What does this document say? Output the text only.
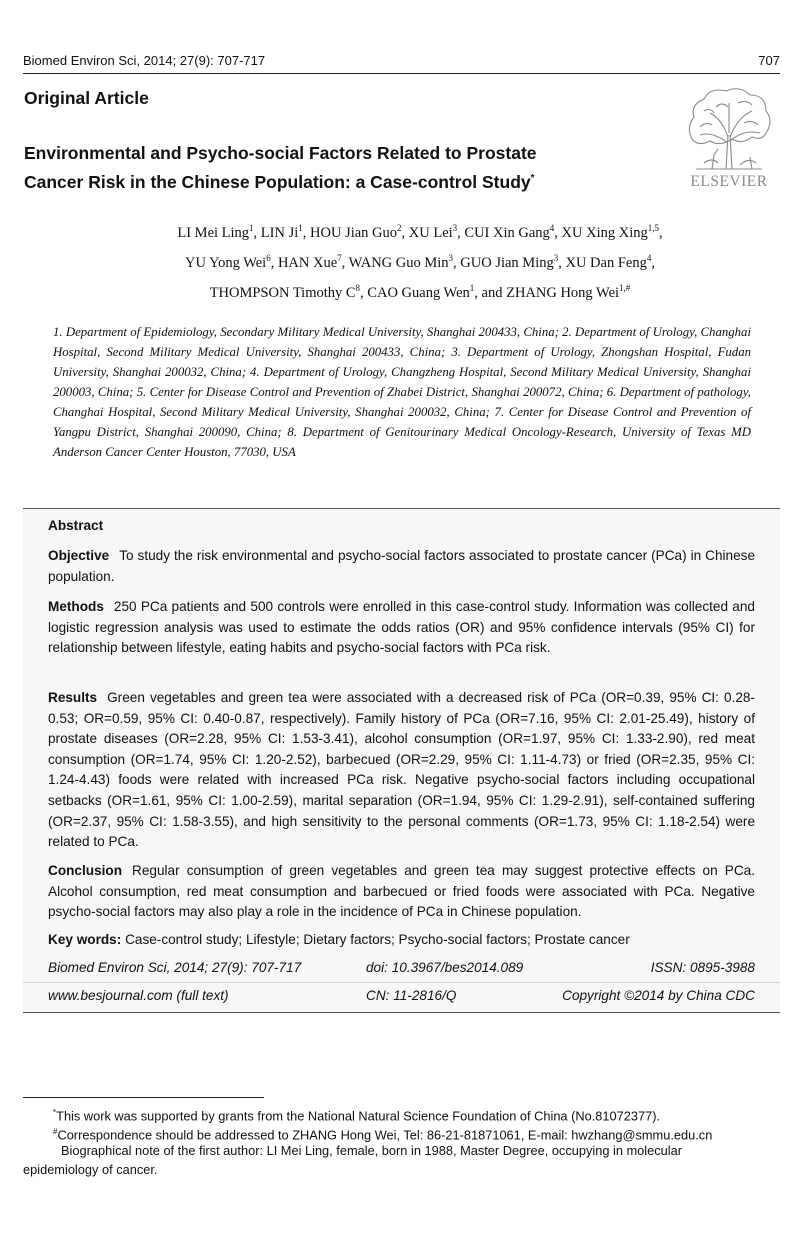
Biomed Environ Sci, 2014; 27(9): 707-717	707
Original Article
ELSEVIER
Environmental and Psycho-social Factors Related to Prostate
Cancer Risk in the Chinese Population: a Case-control Study*
LI Mei Ling$^1$, LIN Ji$^1$, HOU Jian Guo$^2$, XU Lei$^3$, CUI Xin Gang$^4$, XU Xing Xing$^{1,5}$,
YU Yong Wei$^6$, HAN Xue$^7$, WANG Guo Min$^3$, GUO Jian Ming$^3$, XU Dan Feng$^4$,
THOMPSON Timothy $C^8$, CAO Guang Wen$^1$, and ZHANG Hong Wei$^{1,\#}$
1. Department of Epidemiology, Secondary Military Medical University, Shanghai 200433, China; 2. Department of Urology, Changhai Hospital, Second Military Medical University, Shanghai 200433, China; 3. Department of Urology, Zhongshan Hospital, Fudan University, Shanghai 200032, China; 4. Department of Urology, Changzheng Hospital, Second Military Medical University, Shanghai 200003, China; 5. Center for Disease Control and Prevention of Zhabei District, Shanghai 200072, China; 6. Department of pathology, Changhai Hospital, Second Military Medical University, Shanghai 200032, China; 7. Center for Disease Control and Prevention of Yangpu District, Shanghai 200090, China; 8. Department of Genitourinary Medical Oncology-Research, University of Texas MD Anderson Cancer Center Houston, 77030, USA
Abstract
Objective To study the risk environmental and psycho-social factors associated to prostate cancer (PCa) in Chinese population.
Methods 250 PCa patients and 500 controls were enrolled in this case-control study. Information was collected and logistic regression analysis was used to estimate the odds ratios (OR) and 95% confidence intervals (95% CI) for relationship between lifestyle, eating habits and psycho-social factors with PCa risk.
Results Green vegetables and green tea were associated with a decreased risk of PCa (OR=0.39, 95% CI: 0.28-0.53; OR=0.59, 95% CI: 0.40-0.87, respectively). Family history of PCa (OR=7.16, 95% CI: 2.01-25.49), history of prostate diseases (OR=2.28, 95% CI: 1.53-3.41), alcohol consumption (OR=1.97, 95% CI: 1.33-2.90), red meat consumption (OR=1.74, 95% CI: 1.20-2.52), barbecued (OR=2.29, 95% CI: 1.11-4.73) or fried (OR=2.35, 95% CI: 1.24-4.43) foods were related with increased PCa risk. Negative psycho-social factors including occupational setbacks (OR=1.61, 95% CI: 1.00-2.59), marital separation (OR=1.94, 95% CI: 1.29-2.91), self-contained suffering (OR=2.37, 95% CI: 1.58-3.55), and high sensitivity to the personal comments (OR=1.73, 95% CI: 1.18-2.54) were related to PCa.
Conclusion Regular consumption of green vegetables and green tea may suggest protective effects on PCa. Alcohol consumption, red meat consumption and barbecued or fried foods were associated with PCa. Negative psycho-social factors may also play a role in the incidence of PCa in Chinese population.
Key words: Case-control study; Lifestyle; Dietary factors; Psycho-social factors; Prostate cancer
Biomed Environ Sci, 2014; 27(9): 707-717	doi: 10.3967/bes2014.089	ISSN: 0895-3988
www.besjournal.com (full text)	CN: 11-2816/Q	Copyright ©2014 by China CDC
*This work was supported by grants from the National Natural Science Foundation of China (No.81072377).
#Correspondence should be addressed to ZHANG Hong Wei, Tel: 86-21-81871061, E-mail: hwzhang@smmu.edu.cn
Biographical note of the first author: LI Mei Ling, female, born in 1988, Master Degree, occupying in molecular
epidemiology of cancer.
